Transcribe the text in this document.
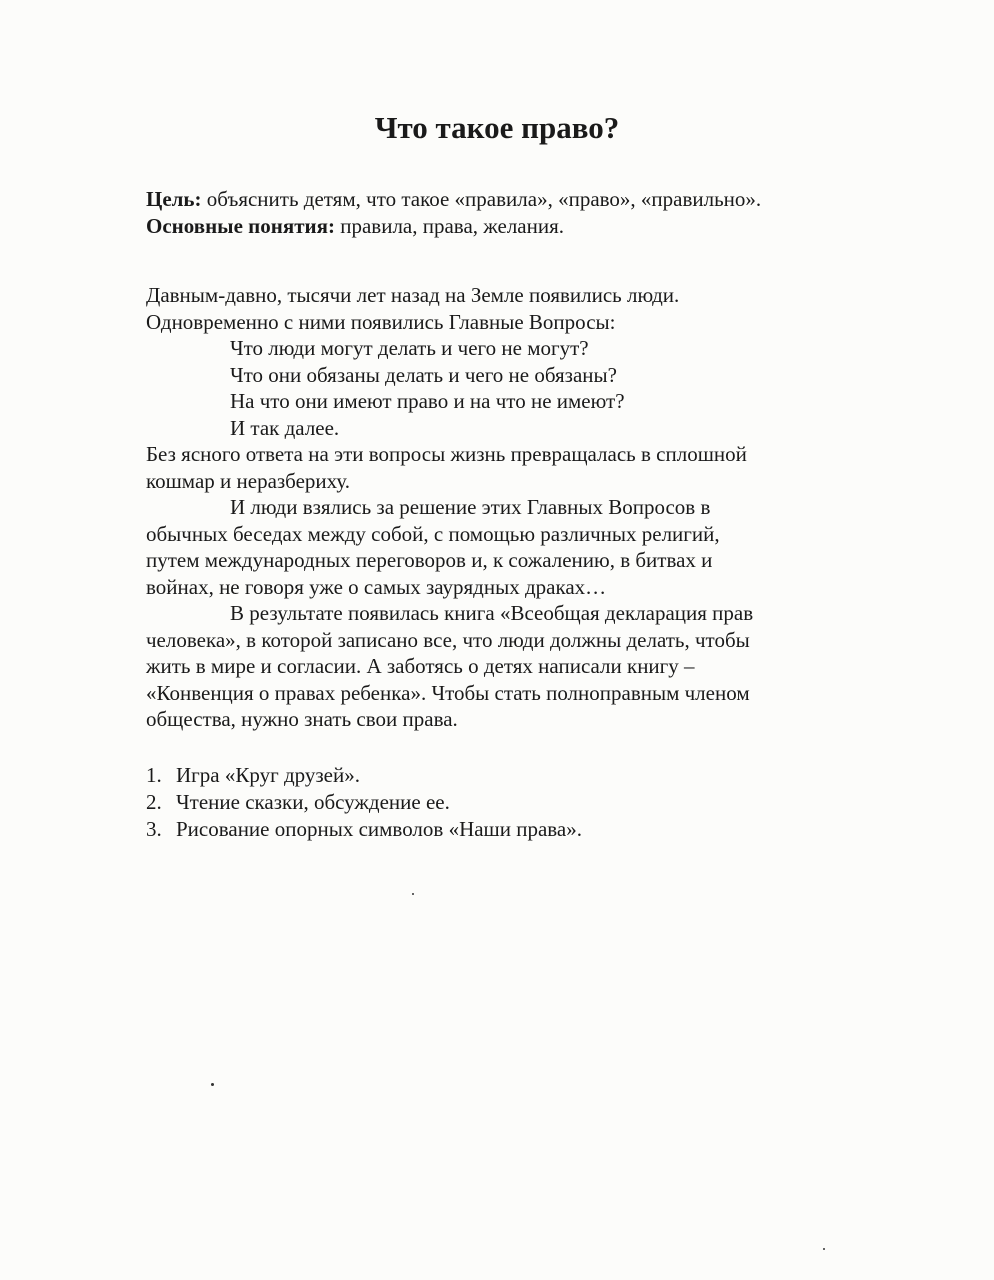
Что такое право?

Цель: объяснить детям, что такое «правила», «право», «правильно».

Основные понятия: правила, права, желания.

Давным-давно, тысячи лет назад на Земле появились люди.
Одновременно с ними появились Главные Вопросы:
Что люди могут делать и чего не могут?
Что они обязаны делать и чего не обязаны?
На что они имеют право и на что не имеют?
И так далее.
Без ясного ответа на эти вопросы жизнь превращалась в сплошной
кошмар и неразбериху.
И люди взялись за решение этих Главных Вопросов в
обычных беседах между собой, с помощью различных религий,
путем международных переговоров и, к сожалению, в битвах и
войнах, не говоря уже о самых заурядных драках…
В результате появилась книга «Всеобщая декларация прав
человека», в которой записано все, что люди должны делать, чтобы
жить в мире и согласии. А заботясь о детях написали книгу –
«Конвенция о правах ребенка». Чтобы стать полноправным членом
общества, нужно знать свои права.
1. Игра «Круг друзей».
2. Чтение сказки, обсуждение ее.
3. Рисование опорных символов «Наши права».
